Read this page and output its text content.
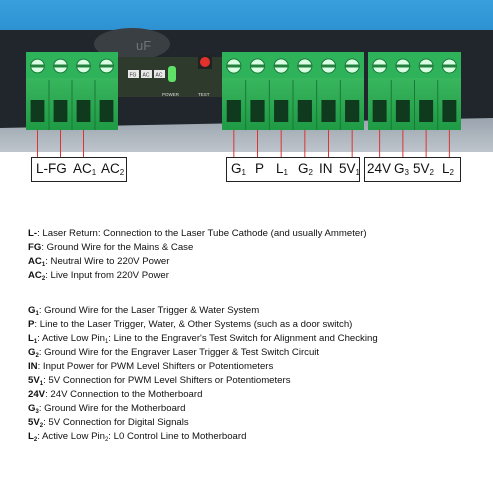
uF
FG AC AC
POWER	TEST
L-FG $AC_1$ $AC_2$	$G_1$ P $L_1$ $G_2$ IN $5V_1$ 24V $G_3$ $5V_2$ $L_2$
L-: Laser Return: Connection to the Laser Tube Cathode (and usually Ammeter)
FG: Ground Wire for the Mains & Case
$AC_1$: Neutral Wire to 220V Power
$AC_2$: Live Input from 220V Power
$G_1$: Ground Wire for the Laser Trigger & Water System
P: Line to the Laser Trigger, Water, & Other Systems (such as a door switch)
$L_1$: Active Low Pin$_1$: Line to the Engraver's Test Switch for Alignment and Checking
$G_2$: Ground Wire for the Engraver Laser Trigger & Test Switch Circuit
IN: Input Power for PWM Level Shifters or Potentiometers
$5V_1$: 5V Connection for PWM Level Shifters or Potentiometers
24V: 24V Connection to the Motherboard
$G_3$: Ground Wire for the Motherboard
$5V_2$: 5V Connection for Digital Signals
$L_2$: Active Low Pin$_2$: L0 Control Line to Motherboard
